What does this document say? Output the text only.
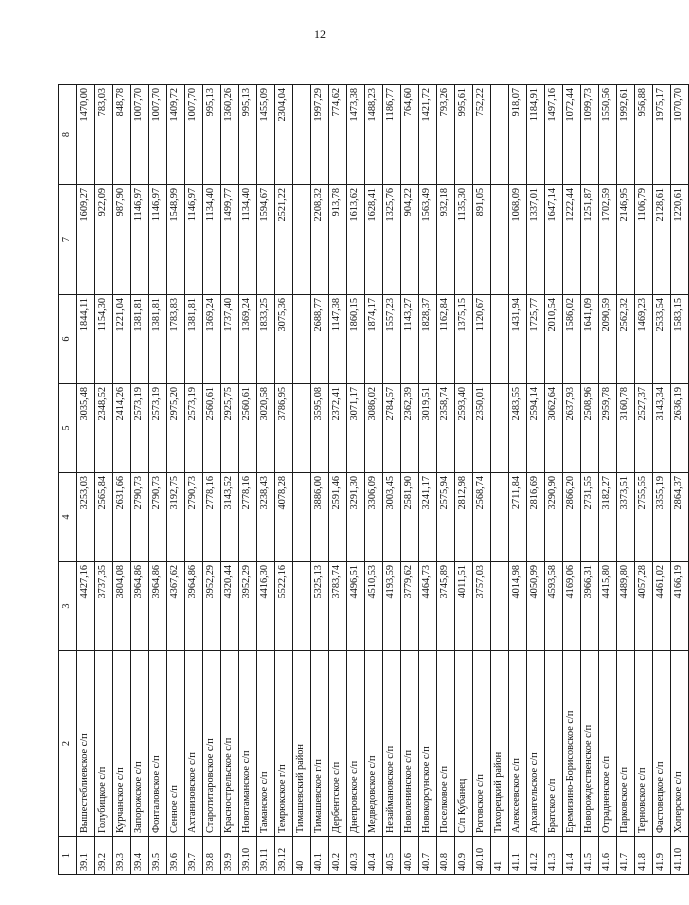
12
1	2	3	4	5	6	7	8
39.1	Вышестеблиевское с/п	4427,16	3253,03	3035,48	1844,11	1609,27	1470,00
39.2	Голубицкое с/п	3737,35	2565,84	2348,52	1154,30	922,09	783,03
39.3	Курчанское с/п	3804,08	2631,66	2414,26	1221,04	987,90	848,78
39.4	Запорожское с/п	3964,86	2790,73	2573,19	1381,81	1146,97	1007,70
39.5	Фонталовское с/п	3964,86	2790,73	2573,19	1381,81	1146,97	1007,70
39.6	Сенное с/п	4367,62	3192,75	2975,20	1783,83	1548,99	1409,72
39.7	Ахтанизовское с/п	3964,86	2790,73	2573,19	1381,81	1146,97	1007,70
39.8	Старотитаровское с/п	3952,29	2778,16	2560,61	1369,24	1134,40	995,13
39.9	Краснострельское с/п	4320,44	3143,52	2925,75	1737,40	1499,77	1360,26
39.10	Новотаманское с/п	3952,29	2778,16	2560,61	1369,24	1134,40	995,13
39.11	Таманское с/п	4416,30	3238,43	3020,58	1833,25	1594,67	1455,09
39.12	Темрюкское г/п	5522,16	4078,28	3786,95	3075,36	2521,22	2304,04
40	Тимашевский район						
40.1	Тимашевское г/п	5325,13	3886,00	3595,08	2688,77	2208,32	1997,29
40.2	Дербентское с/п	3783,74	2591,46	2372,41	1147,38	913,78	774,62
40.3	Днепровское с/п	4496,51	3291,30	3071,17	1860,15	1613,62	1473,38
40.4	Медведовское с/п	4510,53	3306,09	3086,02	1874,17	1628,41	1488,23
40.5	Незаймановское с/п	4193,59	3003,45	2784,57	1557,23	1325,76	1186,77
40.6	Новоленинское с/п	3779,62	2581,90	2362,39	1143,27	904,22	764,60
40.7	Новокорсунское с/п	4464,73	3241,17	3019,51	1828,37	1563,49	1421,72
40.8	Поселковое с/п	3745,89	2575,94	2358,74	1162,84	932,18	793,26
40.9	С/п Кубанец	4011,51	2812,98	2593,40	1375,15	1135,30	995,61
40.10	Роговское с/п	3757,03	2568,74	2350,01	1120,67	891,05	752,22
41	Тихорецкий район						
41.1	Алексеевское с/п	4014,98	2711,84	2483,55	1431,94	1068,09	918,07
41.2	Архангельское с/п	4050,99	2816,69	2594,14	1725,77	1337,01	1184,91
41.3	Братское с/п	4593,58	3290,90	3062,64	2010,54	1647,14	1497,16
41.4	Еремизино-Борисовское с/п	4169,06	2866,20	2637,93	1586,02	1222,44	1072,44
41.5	Новорождественское с/п	3966,31	2731,55	2508,96	1641,09	1251,87	1099,73
41.6	Отрадненское с/п	4415,80	3182,27	2959,78	2090,59	1702,59	1550,56
41.7	Парковское с/п	4489,80	3373,51	3160,78	2562,32	2146,95	1992,61
41.8	Терновское с/п	4057,28	2755,55	2527,37	1469,23	1106,79	956,88
41.9	Фастовецкое с/п	4461,02	3355,19	3143,34	2533,54	2128,61	1975,17
41.10	Хоперское с/п	4166,19	2864,37	2636,19	1583,15	1220,61	1070,70
